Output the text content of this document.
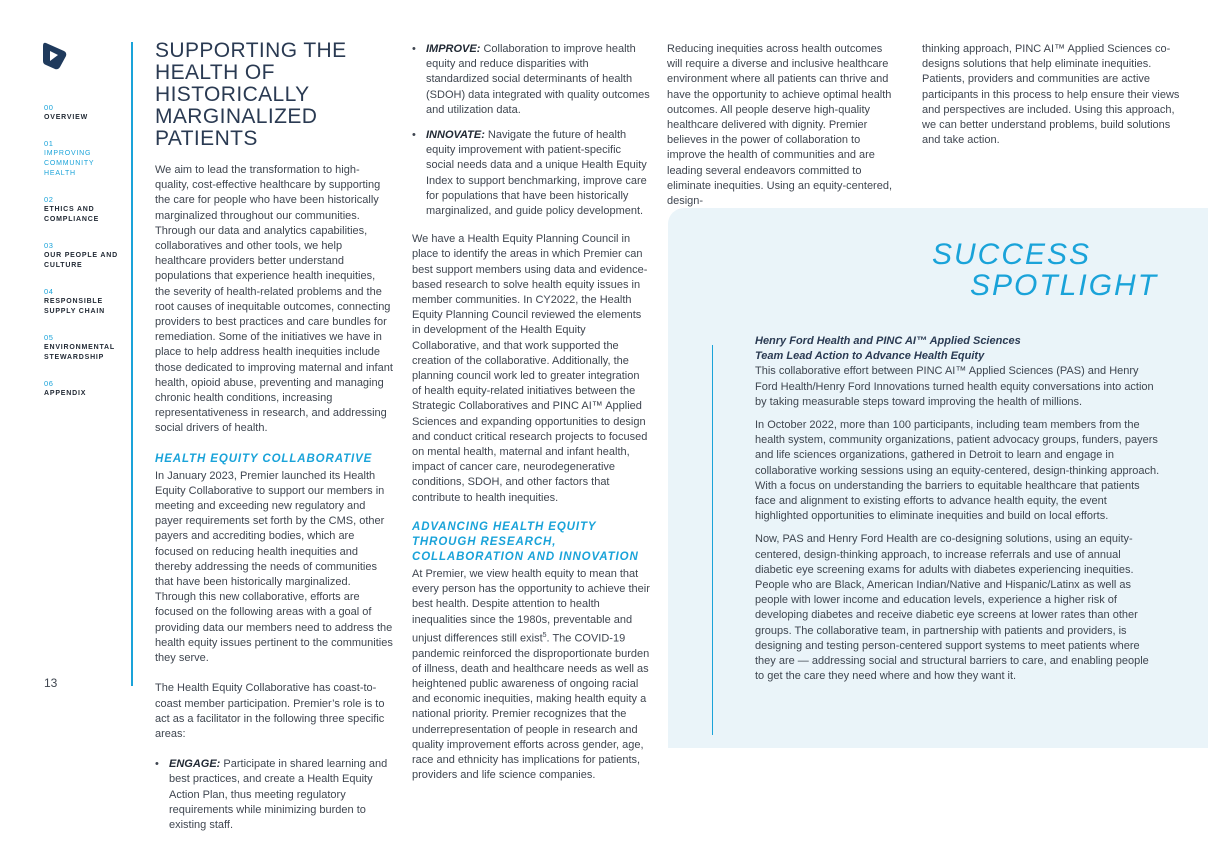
00
OVERVIEW
01
IMPROVING COMMUNITY HEALTH
02
ETHICS AND COMPLIANCE
03
OUR PEOPLE AND CULTURE
04
RESPONSIBLE SUPPLY CHAIN
05
ENVIRONMENTAL STEWARDSHIP
06
APPENDIX
13
SUCCESS
SPOTLIGHT
SUPPORTING THE HEALTH OF HISTORICALLY MARGINALIZED PATIENTS

We aim to lead the transformation to high-quality, cost-effective healthcare by supporting the care for people who have been historically marginalized throughout our communities. Through our data and analytics capabilities, collaboratives and other tools, we help healthcare providers better understand populations that experience health inequities, the severity of health-related problems and the root causes of inequitable outcomes, connecting providers to best practices and care bundles for remediation. Some of the initiatives we have in place to help address health inequities include those dedicated to improving maternal and infant health, opioid abuse, preventing and managing chronic health conditions, increasing representativeness in research, and addressing social drivers of health.

HEALTH EQUITY COLLABORATIVE

In January 2023, Premier launched its Health Equity Collaborative to support our members in meeting and exceeding new regulatory and payer requirements set forth by the CMS, other payers and accrediting bodies, which are focused on reducing health inequities and thereby addressing the needs of communities that have been historically marginalized. Through this new collaborative, efforts are focused on the following areas with a goal of providing data our members need to address the health equity issues pertinent to the communities they serve.

The Health Equity Collaborative has coast-to-coast member participation. Premier’s role is to act as a facilitator in the following three specific areas:

• ENGAGE: Participate in shared learning and best practices, and create a Health Equity Action Plan, thus meeting regulatory requirements while minimizing burden to existing staff.
• IMPROVE: Collaboration to improve health equity and reduce disparities with standardized social determinants of health (SDOH) data integrated with quality outcomes and utilization data.
• INNOVATE: Navigate the future of health equity improvement with patient-specific social needs data and a unique Health Equity Index to support benchmarking, improve care for populations that have been historically marginalized, and guide policy development.

We have a Health Equity Planning Council in place to identify the areas in which Premier can best support members using data and evidence-based research to solve health equity issues in member communities. In CY2022, the Health Equity Planning Council reviewed the elements in development of the Health Equity Collaborative, and that work supported the creation of the collaborative. Additionally, the planning council work led to greater integration of health equity-related initiatives between the Strategic Collaboratives and PINC AI™ Applied Sciences and expanding opportunities to design and conduct critical research projects to focused on mental health, maternal and infant health, impact of cancer care, neurodegenerative conditions, SDOH, and other factors that contribute to health inequities.

ADVANCING HEALTH EQUITY THROUGH RESEARCH, COLLABORATION AND INNOVATION

At Premier, we view health equity to mean that every person has the opportunity to achieve their best health. Despite attention to health inequalities since the 1980s, preventable and unjust differences still exist$^5$. The COVID-19 pandemic reinforced the disproportionate burden of illness, death and healthcare needs as well as heightened public awareness of ongoing racial and economic inequities, making health equity a national priority. Premier recognizes that the underrepresentation of people in research and quality improvement efforts across gender, age, race and ethnicity has implications for patients, providers and life science companies.

Reducing inequities across health outcomes will require a diverse and inclusive healthcare environment where all patients can thrive and have the opportunity to achieve optimal health outcomes. All people deserve high-quality healthcare delivered with dignity. Premier believes in the power of collaboration to improve the health of communities and are leading several endeavors committed to eliminate inequities. Using an equity-centered, design-

thinking approach, PINC AI™ Applied Sciences co-designs solutions that help eliminate inequities. Patients, providers and communities are active participants in this process to help ensure their views and perspectives are included. Using this approach, we can better understand problems, build solutions and take action.

Henry Ford Health and PINC AI™ Applied Sciences
Team Lead Action to Advance Health Equity

This collaborative effort between PINC AI™ Applied Sciences (PAS) and Henry Ford Health/Henry Ford Innovations turned health equity conversations into action by taking measurable steps toward improving the health of millions.

In October 2022, more than 100 participants, including team members from the health system, community organizations, patient advocacy groups, funders, payers and life sciences organizations, gathered in Detroit to learn and engage in collaborative working sessions using an equity-centered, design-thinking approach. With a focus on understanding the barriers to equitable healthcare that patients face and alignment to existing efforts to advance health equity, the event highlighted opportunities to eliminate inequities and build on local efforts.

Now, PAS and Henry Ford Health are co-designing solutions, using an equity-centered, design-thinking approach, to increase referrals and use of annual diabetic eye screening exams for adults with diabetes experiencing inequities. People who are Black, American Indian/Native and Hispanic/Latinx as well as people with lower income and education levels, experience a higher risk of developing diabetes and receive diabetic eye screens at lower rates than other groups. The collaborative team, in partnership with patients and providers, is designing and testing person-centered support systems to meet patients where they are — addressing social and structural barriers to care, and enabling people to get the care they need where and how they want it.
